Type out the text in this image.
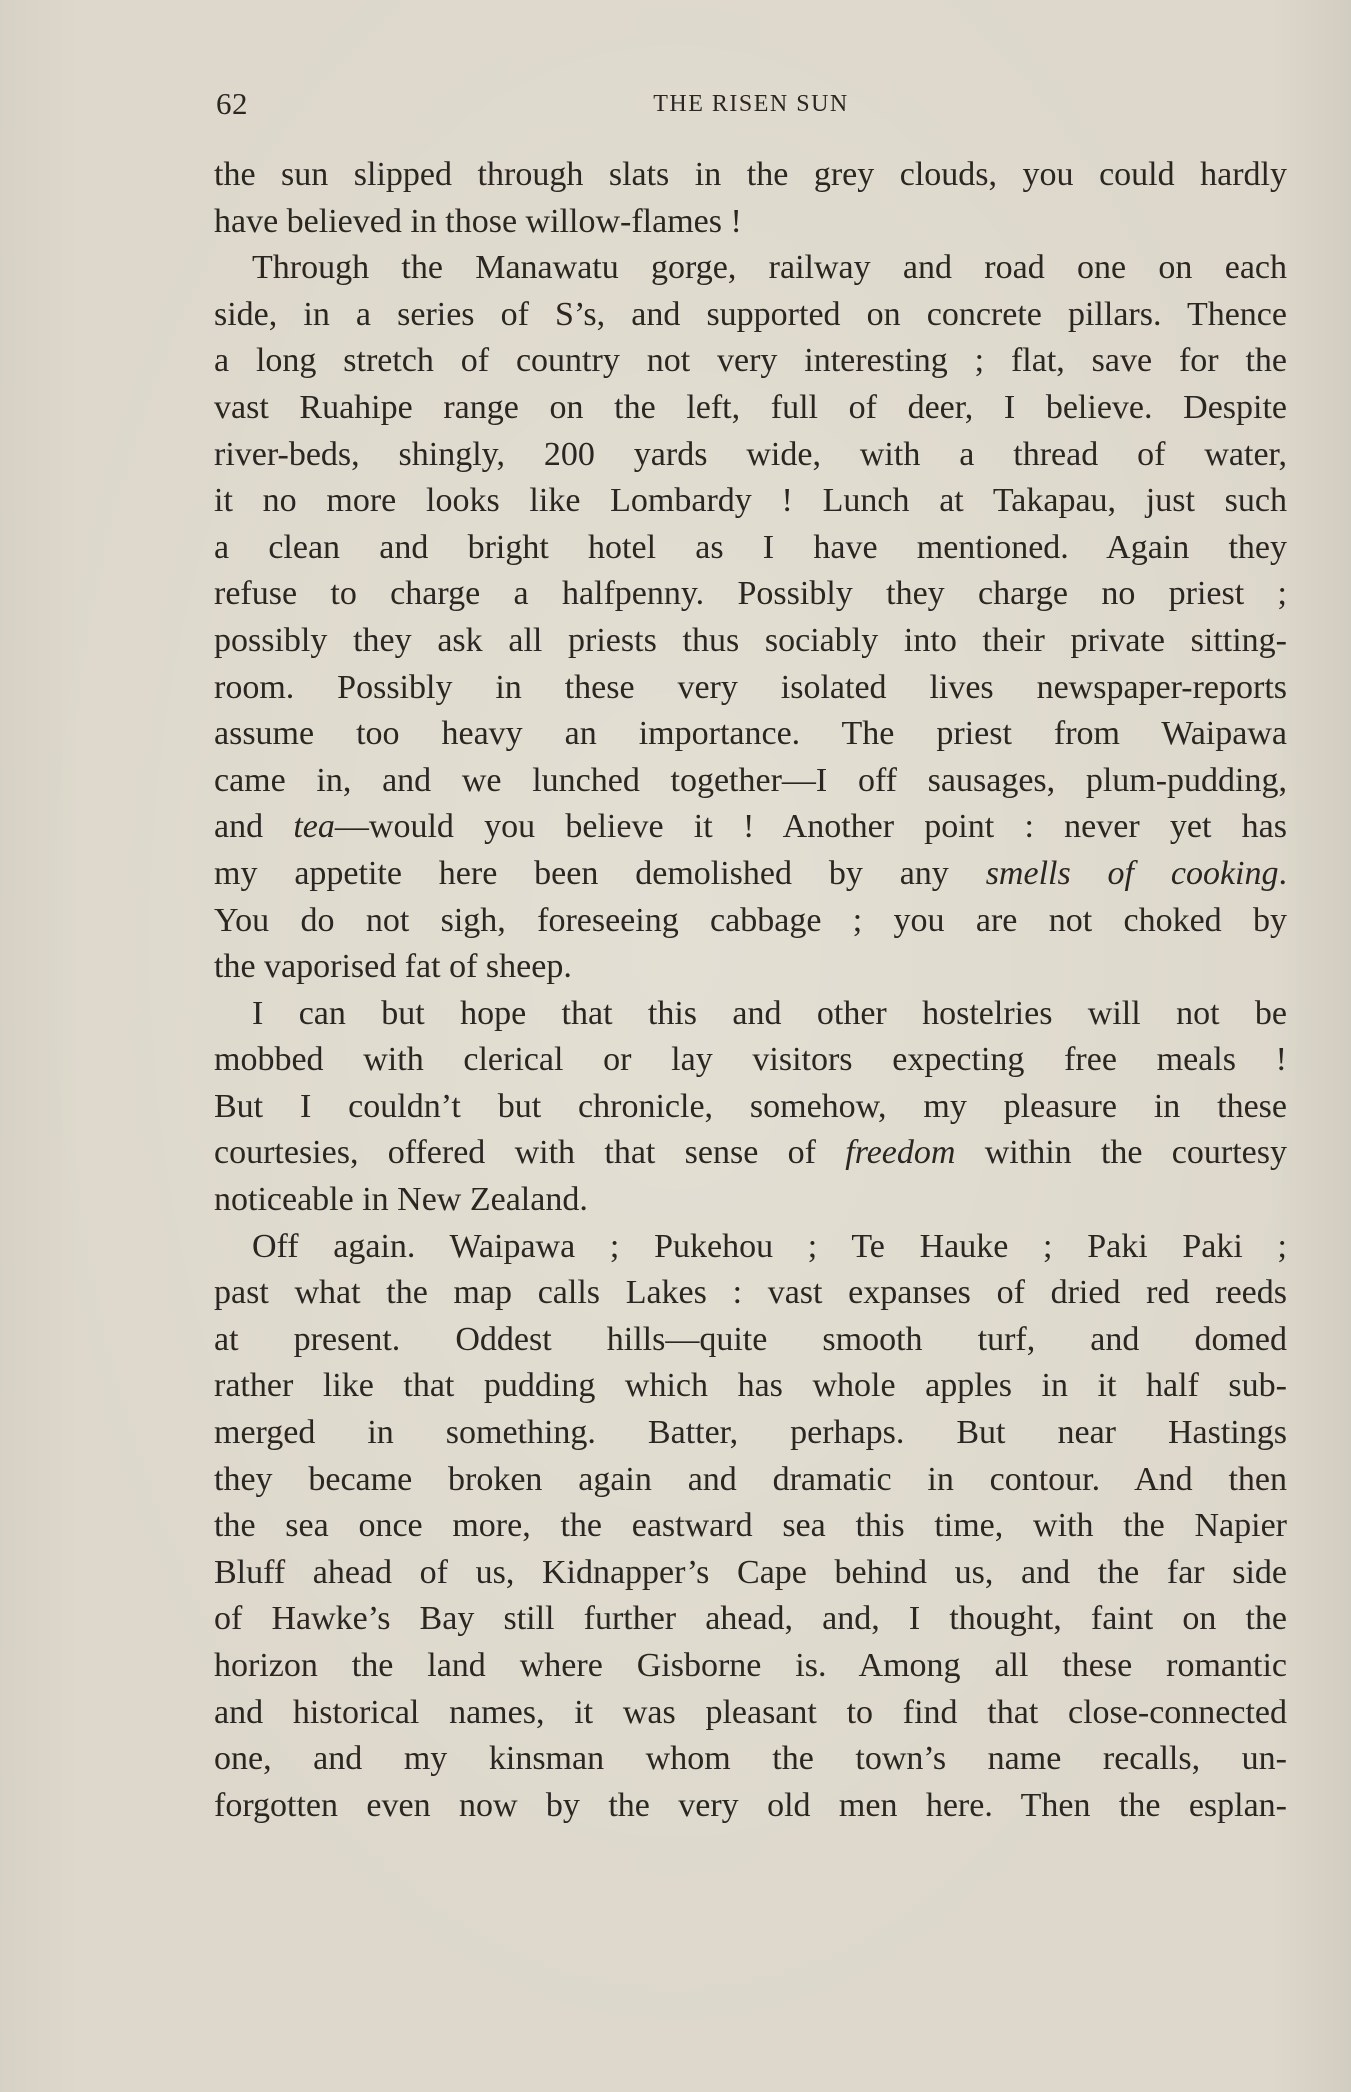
62	THE RISEN SUN

the sun slipped through slats in the grey clouds, you could hardly
have believed in those willow-flames !

Through the Manawatu gorge, railway and road one on each
side, in a series of S’s, and supported on concrete pillars. Thence
a long stretch of country not very interesting ; flat, save for the
vast Ruahipe range on the left, full of deer, I believe. Despite
river-beds, shingly, 200 yards wide, with a thread of water,
it no more looks like Lombardy ! Lunch at Takapau, just such
a clean and bright hotel as I have mentioned. Again they
refuse to charge a halfpenny. Possibly they charge no priest ;
possibly they ask all priests thus sociably into their private sitting-
room. Possibly in these very isolated lives newspaper-reports
assume too heavy an importance. The priest from Waipawa
came in, and we lunched together—I off sausages, plum-pudding,
and tea—would you believe it ! Another point : never yet has
my appetite here been demolished by any smells of cooking.
You do not sigh, foreseeing cabbage ; you are not choked by
the vaporised fat of sheep.

I can but hope that this and other hostelries will not be
mobbed with clerical or lay visitors expecting free meals !
But I couldn’t but chronicle, somehow, my pleasure in these
courtesies, offered with that sense of freedom within the courtesy
noticeable in New Zealand.

Off again. Waipawa ; Pukehou ; Te Hauke ; Paki Paki ;
past what the map calls Lakes : vast expanses of dried red reeds
at present. Oddest hills—quite smooth turf, and domed
rather like that pudding which has whole apples in it half sub-
merged in something. Batter, perhaps. But near Hastings
they became broken again and dramatic in contour. And then
the sea once more, the eastward sea this time, with the Napier
Bluff ahead of us, Kidnapper’s Cape behind us, and the far side
of Hawke’s Bay still further ahead, and, I thought, faint on the
horizon the land where Gisborne is. Among all these romantic
and historical names, it was pleasant to find that close-connected
one, and my kinsman whom the town’s name recalls, un-
forgotten even now by the very old men here. Then the esplan-
